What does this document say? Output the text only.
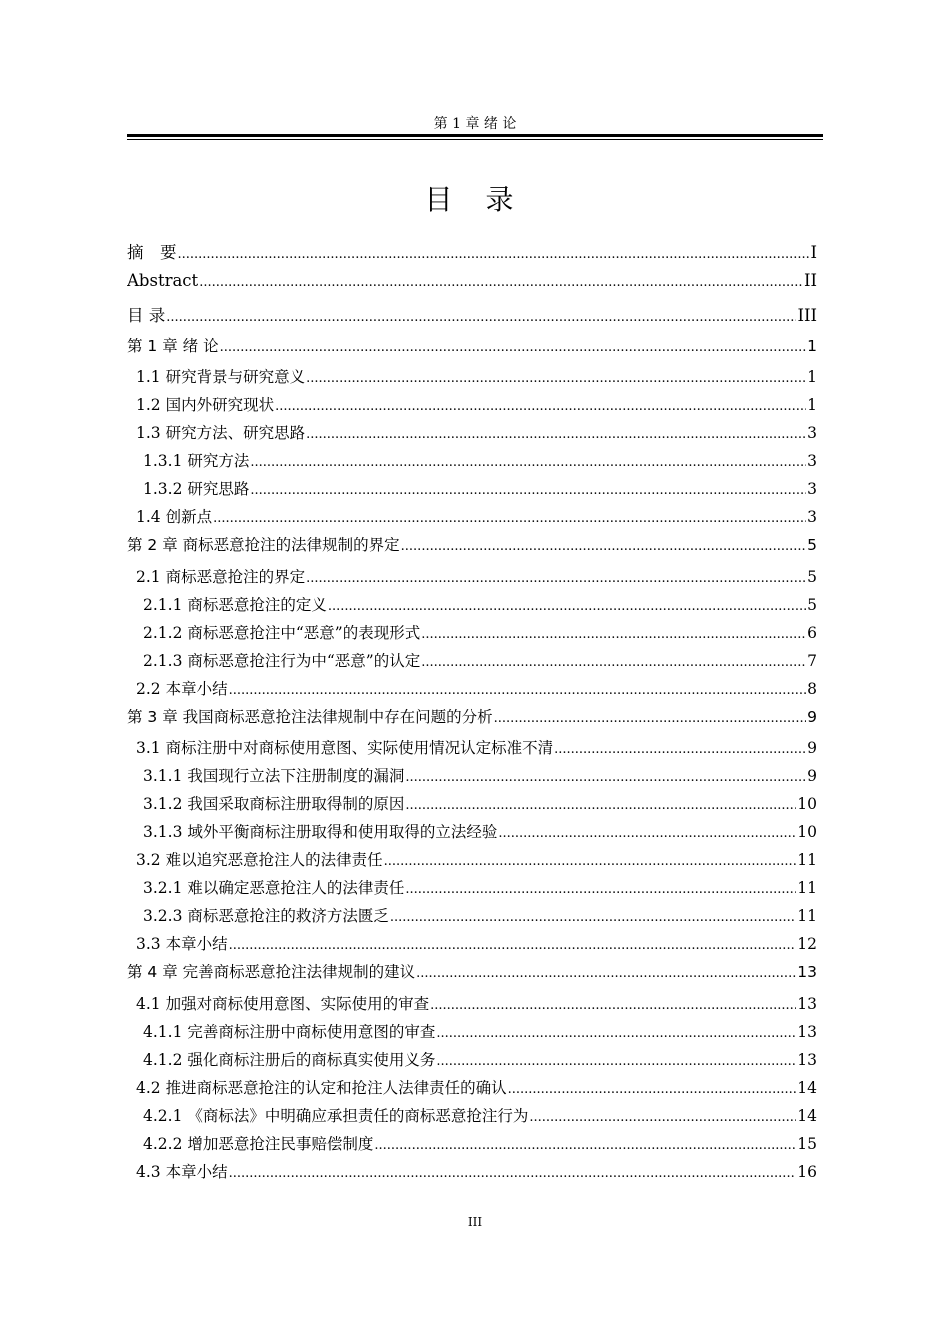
第 1 章 绪 论
目 录
摘　要 .....	I
Abstract .....	II
目 录 .....	III
第 1 章 绪 论 .....	1
1.1 研究背景与研究意义 .....	1
1.2 国内外研究现状 .....	1
1.3 研究方法、研究思路 .....	3
1.3.1 研究方法 .....	3
1.3.2 研究思路 .....	3
1.4 创新点 .....	3
第 2 章 商标恶意抢注的法律规制的界定 .....	5
2.1 商标恶意抢注的界定 .....	5
2.1.1 商标恶意抢注的定义 .....	5
2.1.2 商标恶意抢注中“恶意”的表现形式 .....	6
2.1.3 商标恶意抢注行为中“恶意”的认定 .....	7
2.2 本章小结 .....	8
第 3 章 我国商标恶意抢注法律规制中存在问题的分析 .....	9
3.1 商标注册中对商标使用意图、实际使用情况认定标准不清 .....	9
3.1.1 我国现行立法下注册制度的漏洞 .....	9
3.1.2 我国采取商标注册取得制的原因 .....	10
3.1.3 域外平衡商标注册取得和使用取得的立法经验 .....	10
3.2 难以追究恶意抢注人的法律责任 .....	11
3.2.1 难以确定恶意抢注人的法律责任 .....	11
3.2.3 商标恶意抢注的救济方法匮乏 .....	11
3.3 本章小结 .....	12
第 4 章 完善商标恶意抢注法律规制的建议 .....	13
4.1 加强对商标使用意图、实际使用的审查 .....	13
4.1.1 完善商标注册中商标使用意图的审查 .....	13
4.1.2 强化商标注册后的商标真实使用义务 .....	13
4.2 推进商标恶意抢注的认定和抢注人法律责任的确认 .....	14
4.2.1 《商标法》中明确应承担责任的商标恶意抢注行为 .....	14
4.2.2 增加恶意抢注民事赔偿制度 .....	15
4.3 本章小结 .....	16
III
